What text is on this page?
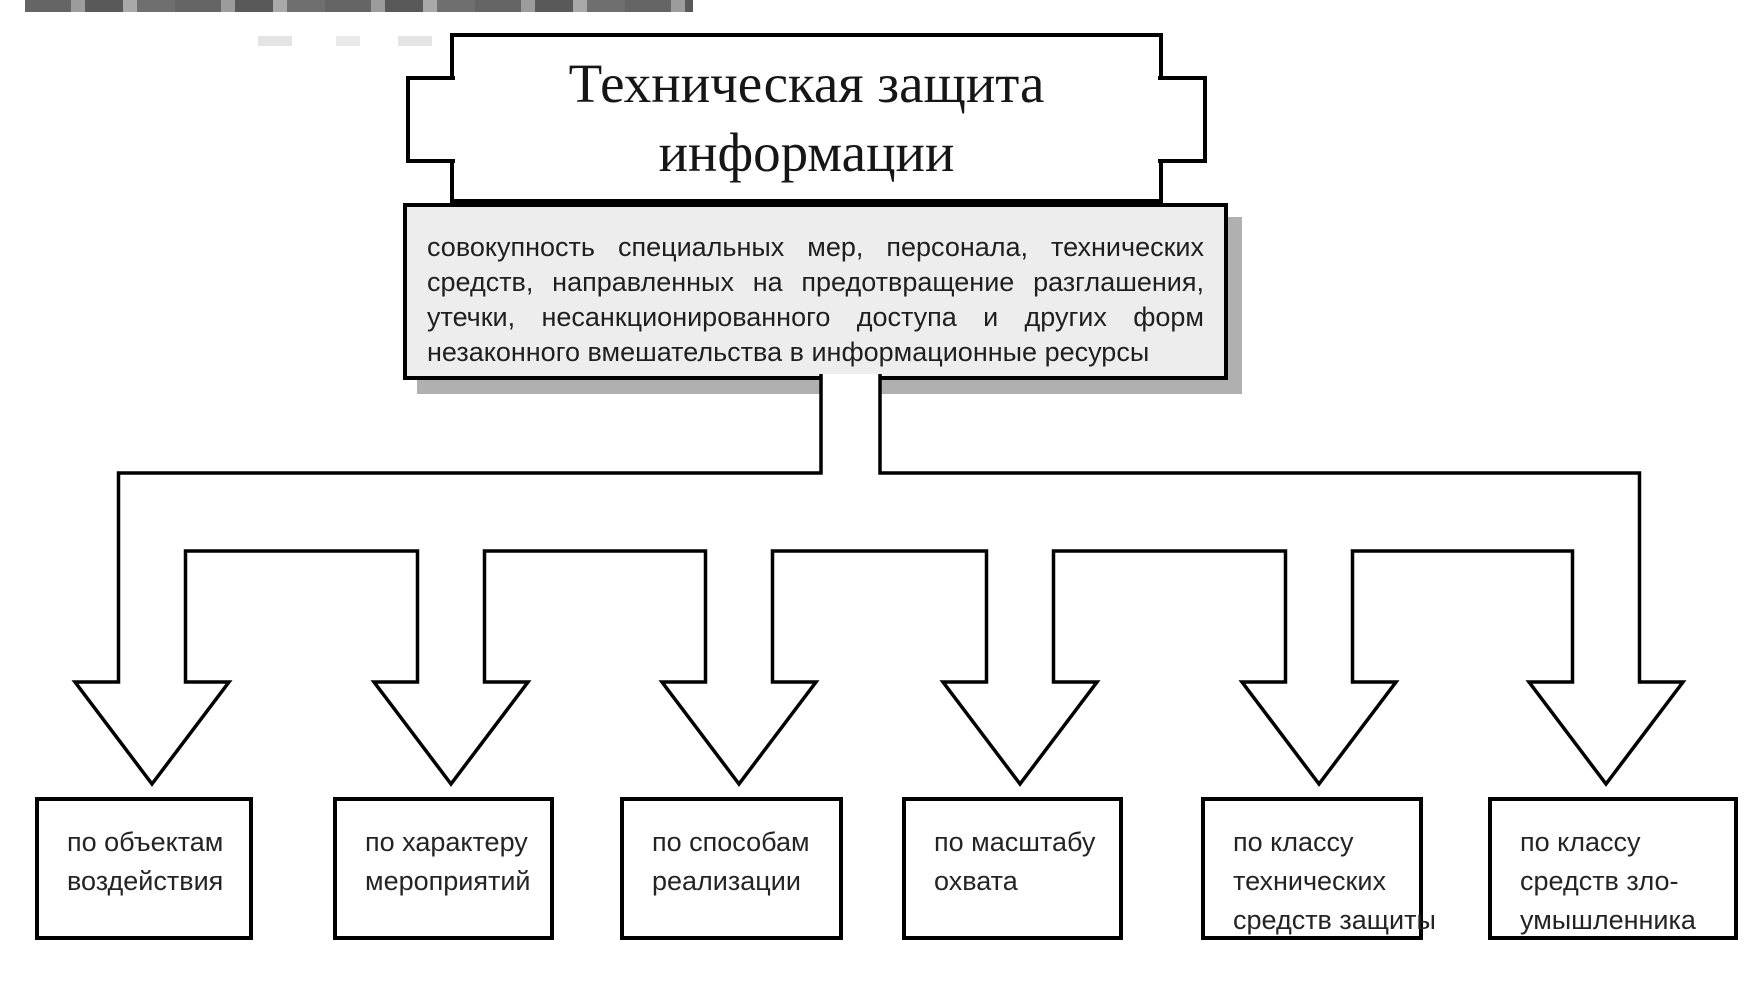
Техническая защита
информации
совокупность специальных мер, персонала, технических
средств, направленных на предотвращение разглашения,
утечки, несанкционированного доступа и других форм
незаконного вмешательства в информационные ресурсы
по объектам
воздействия
по характеру
мероприятий
по способам
реализации
по масштабу
охвата
по классу
технических
средств защиты
по классу
средств зло-
умышленника
